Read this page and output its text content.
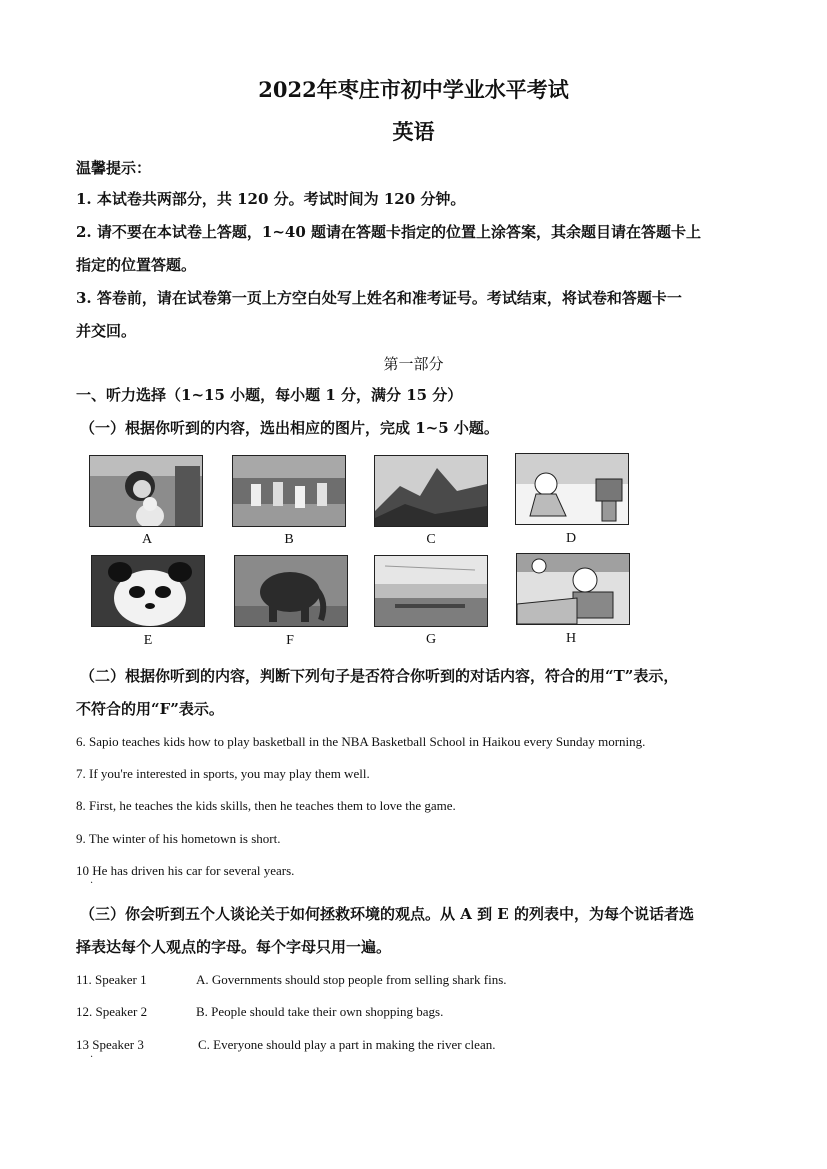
2022年枣庄市初中学业水平考试
英语
温馨提示：
1. 本试卷共两部分，共 120 分。考试时间为 120 分钟。
2. 请不要在本试卷上答题，1~40 题请在答题卡指定的位置上涂答案，其余题目请在答题卡上
指定的位置答题。
3. 答卷前，请在试卷第一页上方空白处写上姓名和准考证号。考试结束，将试卷和答题卡一
并交回。
第一部分
一、听力选择（1~15 小题，每小题 1 分，满分 15 分）
（一）根据你听到的内容，选出相应的图片，完成 1~5 小题。
A	B	C	D
E	F	G	H
（二）根据你听到的内容，判断下列句子是否符合你听到的对话内容，符合的用“T”表示，
不符合的用“F”表示。
6. Sapio teaches kids how to play basketball in the NBA Basketball School in Haikou every Sunday morning.
7. If you're interested in sports, you may play them well.
8. First, he teaches the kids skills, then he teaches them to love the game.
9. The winter of his hometown is short.
10 He has driven his car for several years.
·
（三）你会听到五个人谈论关于如何拯救环境的观点。从 A 到 E 的列表中，为每个说话者选
择表达每个人观点的字母。每个字母只用一遍。
11. Speaker 1	A. Governments should stop people from selling shark fins.
12. Speaker 2	B. People should take their own shopping bags.
13 Speaker 3	C. Everyone should play a part in making the river clean.
·
